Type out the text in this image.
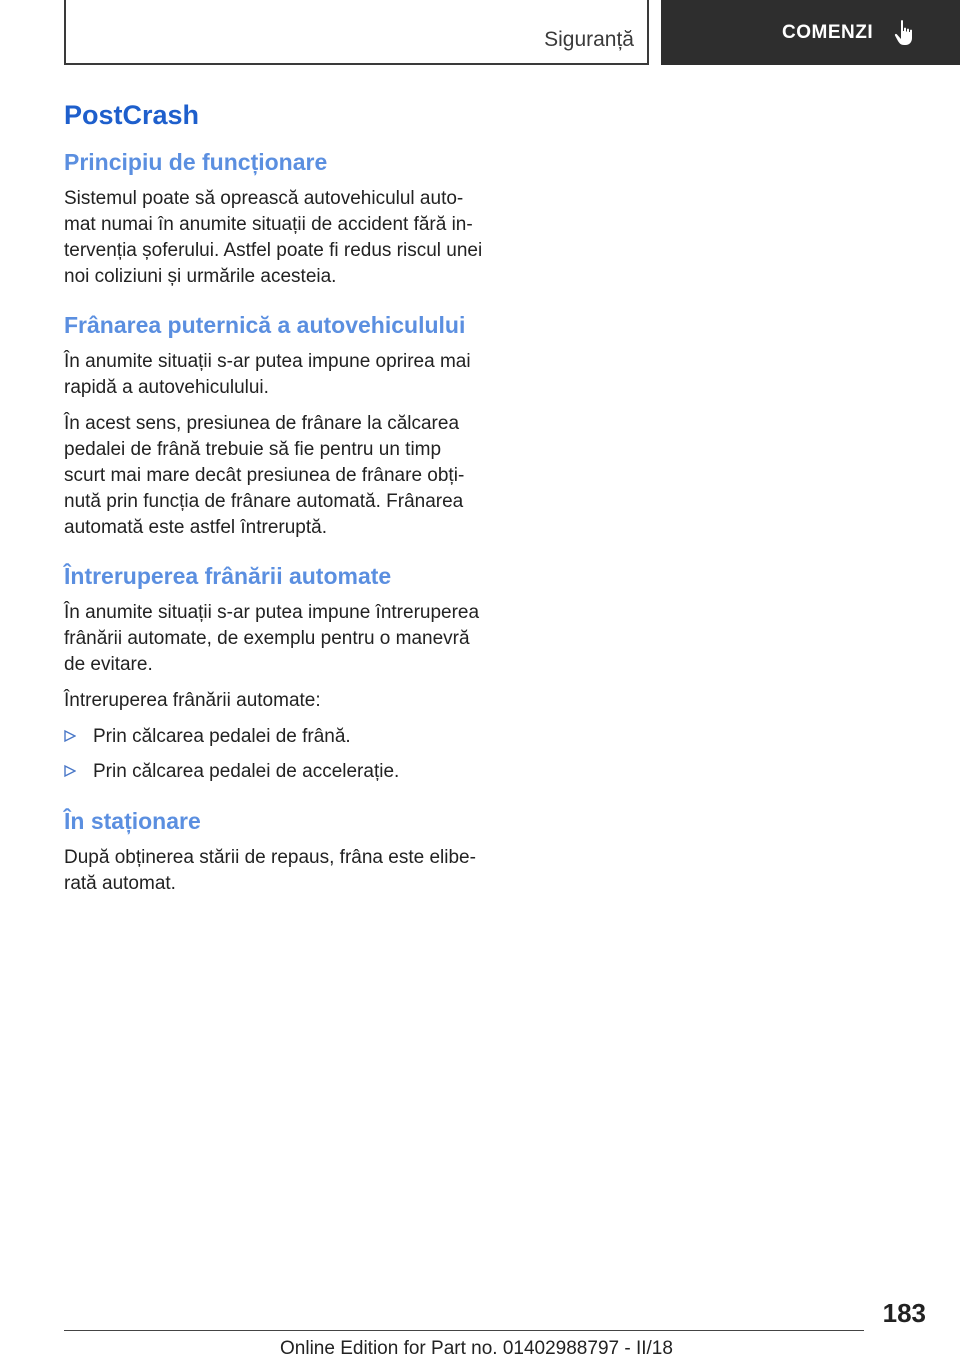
Siguranță	COMENZI
PostCrash
Principiu de funcționare

Sistemul poate să oprească autovehiculul automat numai în anumite situații de accident fără intervenția șoferului. Astfel poate fi redus riscul unei noi coliziuni și urmările acesteia.

Frânarea puternică a autovehiculului

În anumite situații s-ar putea impune oprirea mai rapidă a autovehiculului.

În acest sens, presiunea de frânare la călcarea pedalei de frână trebuie să fie pentru un timp scurt mai mare decât presiunea de frânare obținută prin funcția de frânare automată. Frânarea automată este astfel întreruptă.

Întreruperea frânării automate

În anumite situații s-ar putea impune întreruperea frânării automate, de exemplu pentru o manevră de evitare.

Întreruperea frânării automate:

Prin călcarea pedalei de frână.
Prin călcarea pedalei de accelerație.
În staționare

După obținerea stării de repaus, frâna este eliberată automat.

183
Online Edition for Part no. 01402988797 - II/18
